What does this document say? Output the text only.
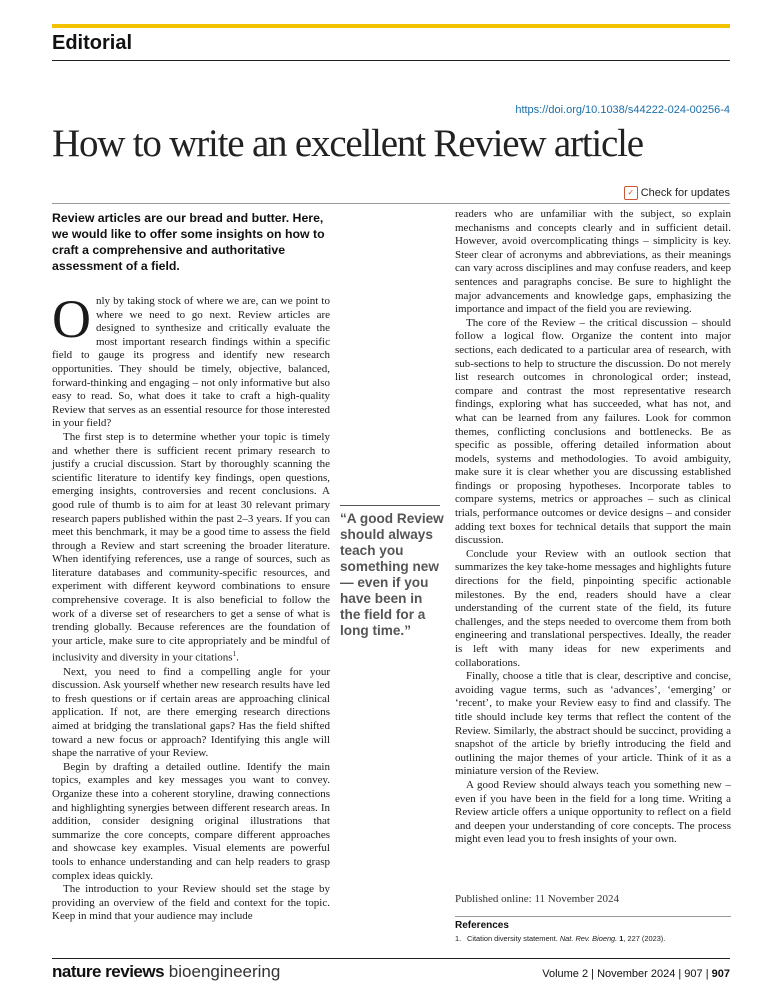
Editorial
https://doi.org/10.1038/s44222-024-00256-4
How to write an excellent Review article
✓ Check for updates

Review articles are our bread and butter. Here, we would like to offer some insights on how to craft a comprehensive and authoritative assessment of a field.

Only by taking stock of where we are, can we point to where we need to go next. Review articles are designed to synthesize and critically evaluate the most important research findings within a specific field to gauge its progress and identify new research opportunities. They should be timely, objective, balanced, forward-thinking and engaging – not only informative but also easy to read. So, what does it take to craft a high-quality Review that serves as an essential resource for those interested in your field?

The first step is to determine whether your topic is timely and whether there is sufficient recent primary research to justify a crucial discussion. Start by thoroughly scanning the scientific literature to identify key findings, open questions, emerging insights, controversies and recent conclusions. A good rule of thumb is to aim for at least 30 relevant primary research papers published within the past 2–3 years. If you can meet this benchmark, it may be a good time to assess the field through a Review and start screening the broader literature. When identifying references, use a range of sources, such as literature databases and community-specific resources, and experiment with different keyword combinations to ensure comprehensive coverage. It is also beneficial to follow the work of a diverse set of researchers to get a sense of what is trending globally. Because references are the foundation of your article, make sure to cite appropriately and be mindful of inclusivity and diversity in your citations$^1$.

Next, you need to find a compelling angle for your discussion. Ask yourself whether new research results have led to fresh questions or if certain areas are approaching clinical application. If not, are there emerging research directions aimed at bridging the translational gaps? Has the field shifted toward a new focus or approach? Identifying this angle will shape the narrative of your Review.

Begin by drafting a detailed outline. Identify the main topics, examples and key messages you want to convey. Organize these into a coherent storyline, drawing connections and highlighting synergies between different research areas. In addition, consider designing original illustrations that summarize the core concepts, compare different approaches and showcase key examples. Visual elements are powerful tools to enhance understanding and can help readers to grasp complex ideas quickly.

The introduction to your Review should set the stage by providing an overview of the field and context for the topic. Keep in mind that your audience may include

“A good Review should always teach you something new — even if you have been in the field for a long time.”

readers who are unfamiliar with the subject, so explain mechanisms and concepts clearly and in sufficient detail. However, avoid overcomplicating things – simplicity is key. Steer clear of acronyms and abbreviations, as their meanings can vary across disciplines and may confuse readers, and keep sentences and paragraphs concise. Be sure to highlight the major advancements and knowledge gaps, emphasizing the importance and impact of the field you are reviewing.

The core of the Review – the critical discussion – should follow a logical flow. Organize the content into major sections, each dedicated to a particular area of research, with sub-sections to help to structure the discussion. Do not merely list research outcomes in chronological order; instead, compare and contrast the most representative research findings, exploring what has succeeded, what has not, and what can be learned from any failures. Look for common themes, conflicting conclusions and bottlenecks. Be as specific as possible, offering detailed information about models, systems and methodologies. To avoid ambiguity, make sure it is clear whether you are discussing established findings or proposing hypotheses. Incorporate tables to compare systems, metrics or approaches – such as clinical trials, performance outcomes or device designs – and consider adding text boxes for technical details that support the main discussion.

Conclude your Review with an outlook section that summarizes the key take-home messages and highlights future directions for the field, pinpointing specific actionable milestones. By the end, readers should have a clear understanding of the current state of the field, its future challenges, and the steps needed to overcome them from both engineering and translational perspectives. Ideally, the reader is left with many ideas for new experiments and collaborations.

Finally, choose a title that is clear, descriptive and concise, avoiding vague terms, such as ‘advances’, ‘emerging’ or ‘recent’, to make your Review easy to find and classify. The title should include key terms that reflect the content of the Review. Similarly, the abstract should be succinct, providing a snapshot of the article by briefly introducing the field and outlining the major themes of your article. Think of it as a miniature version of the Review.

A good Review should always teach you something new – even if you have been in the field for a long time. Writing a Review article offers a unique opportunity to reflect on a field and deepen your understanding of core concepts. The process might even lead you to fresh insights of your own.

Published online: 11 November 2024
References
1. Citation diversity statement. Nat. Rev. Bioeng. 1, 227 (2023).
nature reviews bioengineering	Volume 2 | November 2024 | 907 | 907
